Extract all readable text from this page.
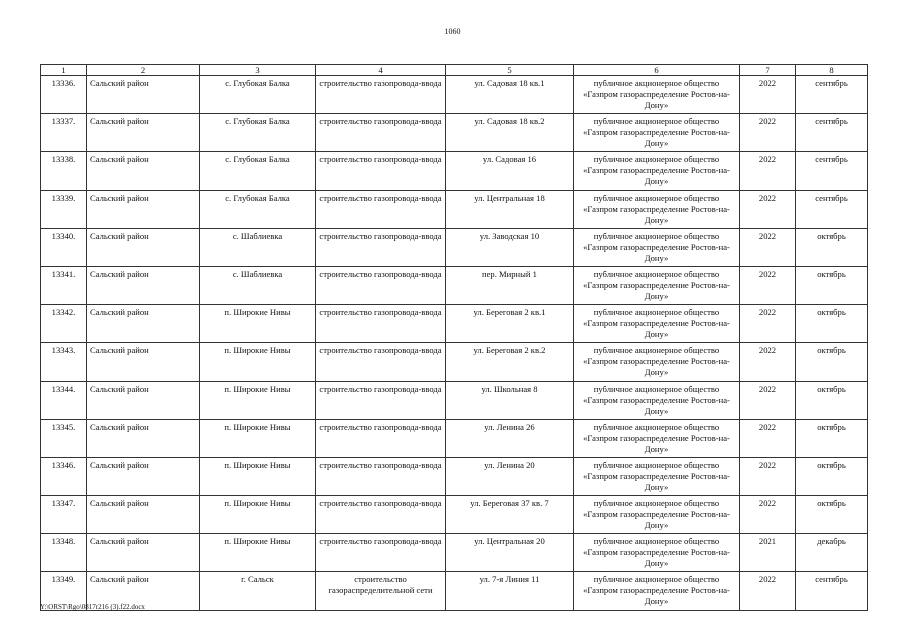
1060
1	2	3	4	5	6	7	8
13336.	Сальский район	с. Глубокая Балка	строительство газопровода-ввода	ул. Садовая 18 кв.1	публичное акционерное общество «Газпром газораспределение Ростов-на-Дону»	2022	сентябрь
13337.	Сальский район	с. Глубокая Балка	строительство газопровода-ввода	ул. Садовая 18 кв.2	публичное акционерное общество «Газпром газораспределение Ростов-на-Дону»	2022	сентябрь
13338.	Сальский район	с. Глубокая Балка	строительство газопровода-ввода	ул. Садовая 16	публичное акционерное общество «Газпром газораспределение Ростов-на-Дону»	2022	сентябрь
13339.	Сальский район	с. Глубокая Балка	строительство газопровода-ввода	ул. Центральная 18	публичное акционерное общество «Газпром газораспределение Ростов-на-Дону»	2022	сентябрь
13340.	Сальский район	с. Шаблиевка	строительство газопровода-ввода	ул. Заводская 10	публичное акционерное общество «Газпром газораспределение Ростов-на-Дону»	2022	октябрь
13341.	Сальский район	с. Шаблиевка	строительство газопровода-ввода	пер. Мирный 1	публичное акционерное общество «Газпром газораспределение Ростов-на-Дону»	2022	октябрь
13342.	Сальский район	п. Широкие Нивы	строительство газопровода-ввода	ул. Береговая 2 кв.1	публичное акционерное общество «Газпром газораспределение Ростов-на-Дону»	2022	октябрь
13343.	Сальский район	п. Широкие Нивы	строительство газопровода-ввода	ул. Береговая 2 кв.2	публичное акционерное общество «Газпром газораспределение Ростов-на-Дону»	2022	октябрь
13344.	Сальский район	п. Широкие Нивы	строительство газопровода-ввода	ул. Школьная 8	публичное акционерное общество «Газпром газораспределение Ростов-на-Дону»	2022	октябрь
13345.	Сальский район	п. Широкие Нивы	строительство газопровода-ввода	ул. Ленина 26	публичное акционерное общество «Газпром газораспределение Ростов-на-Дону»	2022	октябрь
13346.	Сальский район	п. Широкие Нивы	строительство газопровода-ввода	ул. Ленина 20	публичное акционерное общество «Газпром газораспределение Ростов-на-Дону»	2022	октябрь
13347.	Сальский район	п. Широкие Нивы	строительство газопровода-ввода	ул. Береговая 37 кв. 7	публичное акционерное общество «Газпром газораспределение Ростов-на-Дону»	2022	октябрь
13348.	Сальский район	п. Широкие Нивы	строительство газопровода-ввода	ул. Центральная 20	публичное акционерное общество «Газпром газораспределение Ростов-на-Дону»	2021	декабрь
13349.	Сальский район	г. Сальск	строительство газораспределительной сети	ул. 7-я Линия 11	публичное акционерное общество «Газпром газораспределение Ростов-на-Дону»	2022	сентябрь
Y:\ORST\Rgo\0817r216 (3).f22.docx
